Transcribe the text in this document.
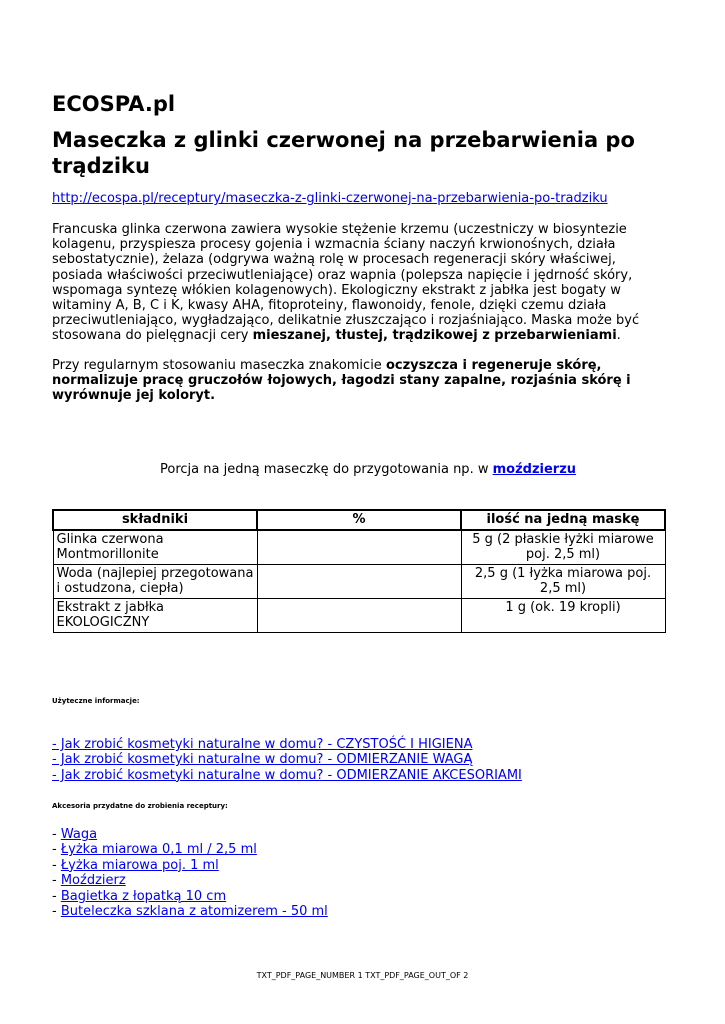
ECOSPA.pl
Maseczka z glinki czerwonej na przebarwienia po trądziku
http://ecospa.pl/receptury/maseczka-z-glinki-czerwonej-na-przebarwienia-po-tradziku

Francuska glinka czerwona zawiera wysokie stężenie krzemu (uczestniczy w biosyntezie kolagenu, przyspiesza procesy gojenia i wzmacnia ściany naczyń krwionośnych, działa sebostatycznie), żelaza (odgrywa ważną rolę w procesach regeneracji skóry właściwej, posiada właściwości przeciwutleniające) oraz wapnia (polepsza napięcie i jędrność skóry, wspomaga syntezę włókien kolagenowych). Ekologiczny ekstrakt z jabłka jest bogaty w witaminy A, B, C i K, kwasy AHA, fitoproteiny, flawonoidy, fenole, dzięki czemu działa przeciwutleniająco, wygładzająco, delikatnie złuszczająco i rozjaśniająco. Maska może być stosowana do pielęgnacji cery mieszanej, tłustej, trądzikowej z przebarwieniami.

Przy regularnym stosowaniu maseczka znakomicie oczyszcza i regeneruje skórę, normalizuje pracę gruczołów łojowych, łagodzi stany zapalne, rozjaśnia skórę i wyrównuje jej koloryt.

Porcja na jedną maseczkę do przygotowania np. w moździerzu
składniki	%	ilość na jedną maskę
Glinka czerwona Montmorillonite		5 g (2 płaskie łyżki miarowe poj. 2,5 ml)
Woda (najlepiej przegotowana i ostudzona, ciepła)		2,5 g (1 łyżka miarowa poj. 2,5 ml)
Ekstrakt z jabłka EKOLOGICZNY		1 g (ok. 19 kropli)
Użyteczne informacje:
- Jak zrobić kosmetyki naturalne w domu? - CZYSTOŚĆ I HIGIENA
- Jak zrobić kosmetyki naturalne w domu? - ODMIERZANIE WAGĄ
- Jak zrobić kosmetyki naturalne w domu? - ODMIERZANIE AKCESORIAMI
Akcesoria przydatne do zrobienia receptury:
- Waga
- Łyżka miarowa 0,1 ml / 2,5 ml
- Łyżka miarowa poj. 1 ml
- Moździerz
- Bagietka z łopatką 10 cm
- Buteleczka szklana z atomizerem - 50 ml
TXT_PDF_PAGE_NUMBER 1 TXT_PDF_PAGE_OUT_OF 2
